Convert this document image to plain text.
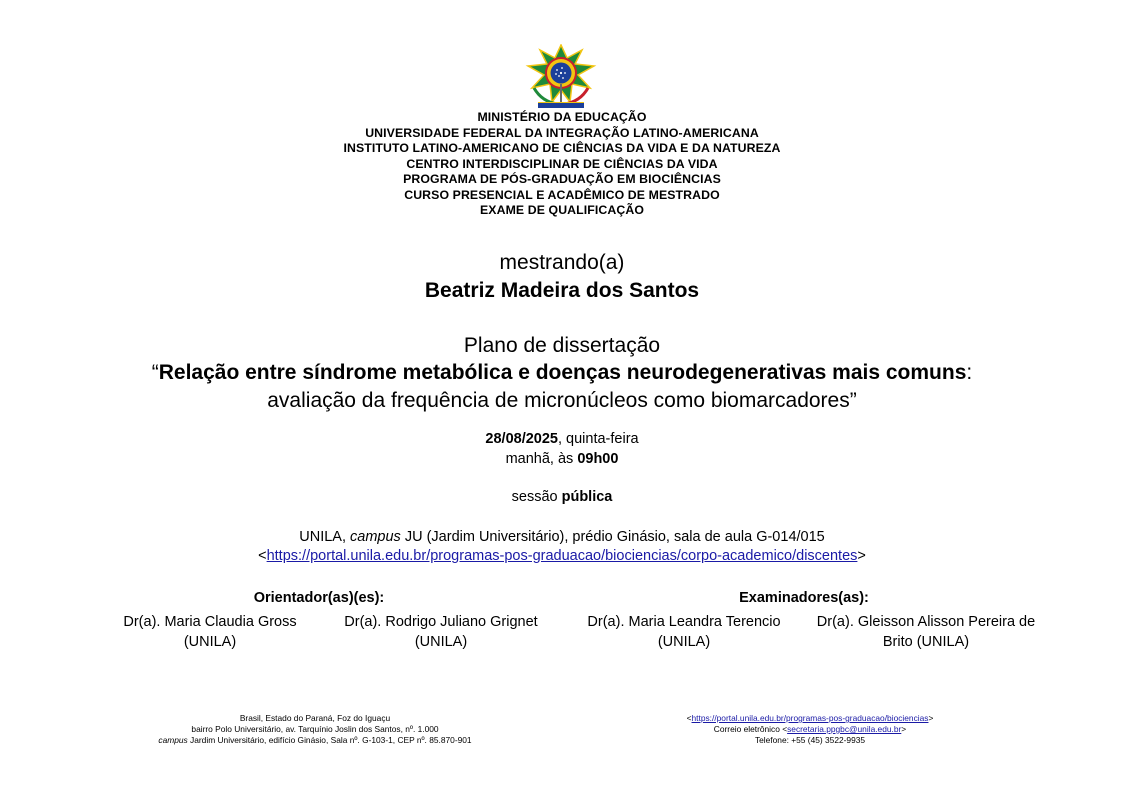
MINISTÉRIO DA EDUCAÇÃO
UNIVERSIDADE FEDERAL DA INTEGRAÇÃO LATINO-AMERICANA
INSTITUTO LATINO-AMERICANO DE CIÊNCIAS DA VIDA E DA NATUREZA
CENTRO INTERDISCIPLINAR DE CIÊNCIAS DA VIDA
PROGRAMA DE PÓS-GRADUAÇÃO EM BIOCIÊNCIAS
CURSO PRESENCIAL E ACADÊMICO DE MESTRADO
EXAME DE QUALIFICAÇÃO
mestrando(a)
Beatriz Madeira dos Santos
Plano de dissertação
“Relação entre síndrome metabólica e doenças neurodegenerativas mais comuns:
avaliação da frequência de micronúcleos como biomarcadores”
28/08/2025, quinta-feira
manhã, às 09h00
sessão pública
UNILA, campus JU (Jardim Universitário), prédio Ginásio, sala de aula G-014/015
<https://portal.unila.edu.br/programas-pos-graduacao/biociencias/corpo-academico/discentes>
Orientador(as)(es):	Examinadores(as):
Dr(a). Maria Claudia Gross (UNILA)
Dr(a). Rodrigo Juliano Grignet (UNILA)
Dr(a). Maria Leandra Terencio (UNILA)
Dr(a). Gleisson Alisson Pereira de Brito (UNILA)
Brasil, Estado do Paraná, Foz do Iguaçu
bairro Polo Universitário, av. Tarquínio Joslin dos Santos, nº. 1.000
campus Jardim Universitário, edifício Ginásio, Sala nº. G-103-1, CEP nº. 85.870-901
<https://portal.unila.edu.br/programas-pos-graduacao/biociencias>
Correio eletrônico <secretaria.ppgbc@unila.edu.br>
Telefone: +55 (45) 3522-9935
